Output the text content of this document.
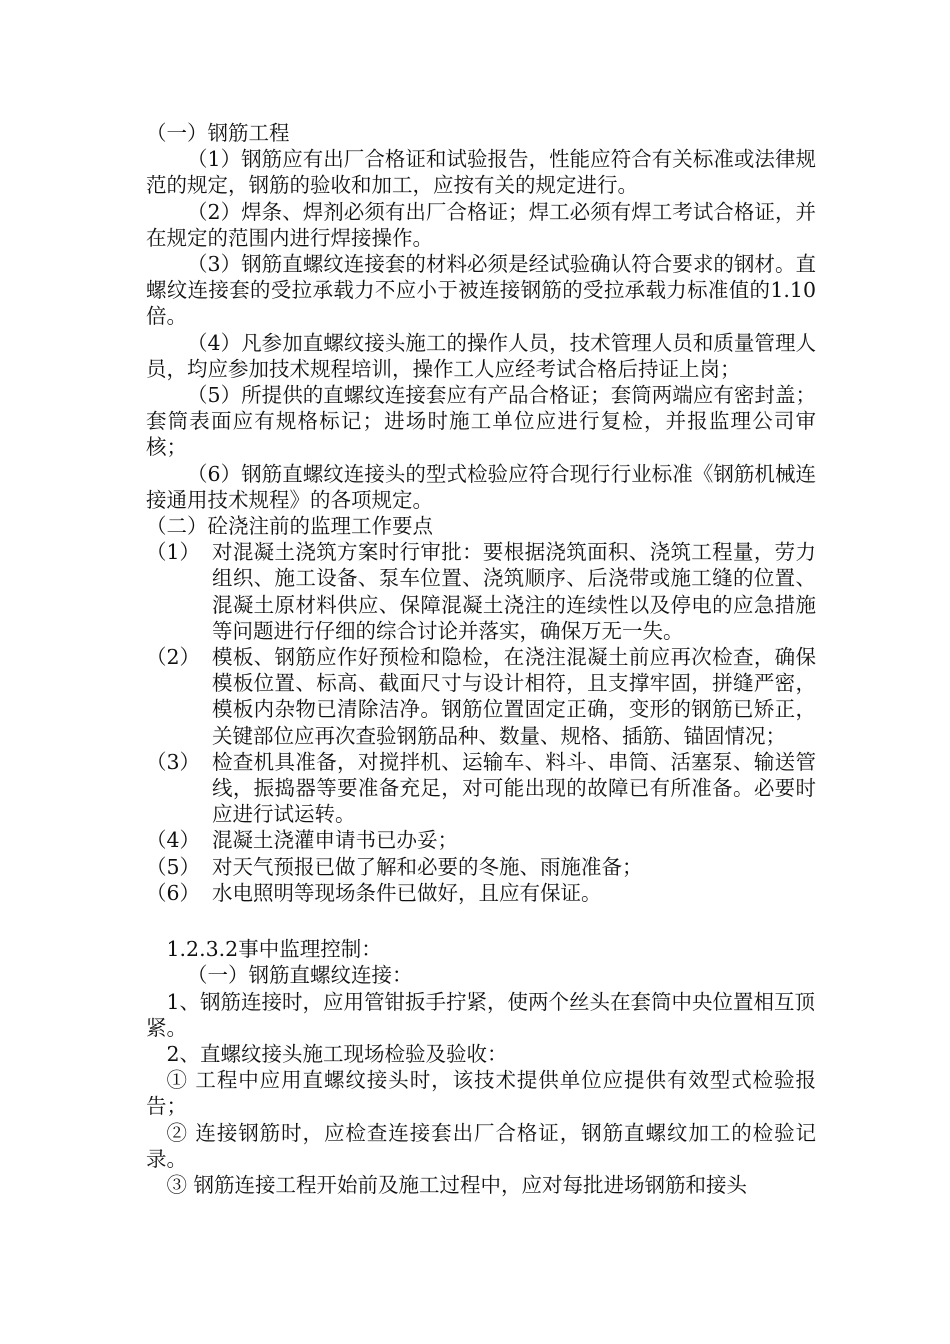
（一）钢筋工程

（1）钢筋应有出厂合格证和试验报告，性能应符合有关标准或法律规范的规定，钢筋的验收和加工，应按有关的规定进行。

（2）焊条、焊剂必须有出厂合格证；焊工必须有焊工考试合格证，并在规定的范围内进行焊接操作。

（3）钢筋直螺纹连接套的材料必须是经试验确认符合要求的钢材。直螺纹连接套的受拉承载力不应小于被连接钢筋的受拉承载力标准值的1.10倍。

（4）凡参加直螺纹接头施工的操作人员，技术管理人员和质量管理人员，均应参加技术规程培训，操作工人应经考试合格后持证上岗；

（5）所提供的直螺纹连接套应有产品合格证；套筒两端应有密封盖；套筒表面应有规格标记；进场时施工单位应进行复检，并报监理公司审核；

（6）钢筋直螺纹连接头的型式检验应符合现行行业标准《钢筋机械连接通用技术规程》的各项规定。

（二）砼浇注前的监理工作要点

（1） 对混凝土浇筑方案时行审批：要根据浇筑面积、浇筑工程量，劳力组织、施工设备、泵车位置、浇筑顺序、后浇带或施工缝的位置、混凝土原材料供应、保障混凝土浇注的连续性以及停电的应急措施等问题进行仔细的综合讨论并落实，确保万无一失。
（2） 模板、钢筋应作好预检和隐检，在浇注混凝土前应再次检查，确保模板位置、标高、截面尺寸与设计相符，且支撑牢固，拼缝严密，模板内杂物已清除洁净。钢筋位置固定正确，变形的钢筋已矫正，关键部位应再次查验钢筋品种、数量、规格、插筋、锚固情况；
（3） 检查机具准备，对搅拌机、运输车、料斗、串筒、活塞泵、输送管线，振捣器等要准备充足，对可能出现的故障已有所准备。必要时应进行试运转。
（4） 混凝土浇灌申请书已办妥；
（5） 对天气预报已做了解和必要的冬施、雨施准备；
（6） 水电照明等现场条件已做好，且应有保证。

1.2.3.2事中监理控制：

（一）钢筋直螺纹连接：

1、钢筋连接时，应用管钳扳手拧紧，使两个丝头在套筒中央位置相互顶紧。

2、直螺纹接头施工现场检验及验收：

① 工程中应用直螺纹接头时，该技术提供单位应提供有效型式检验报告；

② 连接钢筋时，应检查连接套出厂合格证，钢筋直螺纹加工的检验记录。

③ 钢筋连接工程开始前及施工过程中，应对每批进场钢筋和接头
